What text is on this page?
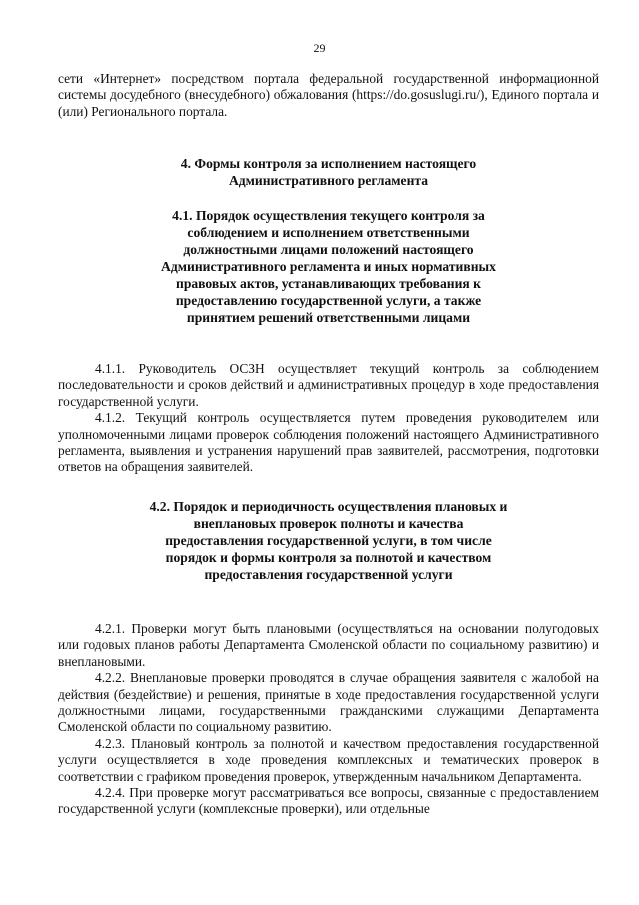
29

сети «Интернет» посредством портала федеральной государственной информационной системы досудебного (внесудебного) обжалования (https://do.gosuslugi.ru/), Единого портала и (или) Регионального портала.

4. Формы контроля за исполнением настоящего Административного регламента
4.1. Порядок осуществления текущего контроля за соблюдением и исполнением ответственными должностными лицами положений настоящего Административного регламента и иных нормативных правовых актов, устанавливающих требования к предоставлению государственной услуги, а также принятием решений ответственными лицами

4.1.1. Руководитель ОСЗН осуществляет текущий контроль за соблюдением последовательности и сроков действий и административных процедур в ходе предоставления государственной услуги.

4.1.2. Текущий контроль осуществляется путем проведения руководителем или уполномоченными лицами проверок соблюдения положений настоящего Административного регламента, выявления и устранения нарушений прав заявителей, рассмотрения, подготовки ответов на обращения заявителей.

4.2. Порядок и периодичность осуществления плановых и внеплановых проверок полноты и качества предоставления государственной услуги, в том числе порядок и формы контроля за полнотой и качеством предоставления государственной услуги

4.2.1. Проверки могут быть плановыми (осуществляться на основании полугодовых или годовых планов работы Департамента Смоленской области по социальному развитию) и внеплановыми.

4.2.2. Внеплановые проверки проводятся в случае обращения заявителя с жалобой на действия (бездействие) и решения, принятые в ходе предоставления государственной услуги должностными лицами, государственными гражданскими служащими Департамента Смоленской области по социальному развитию.

4.2.3. Плановый контроль за полнотой и качеством предоставления государственной услуги осуществляется в ходе проведения комплексных и тематических проверок в соответствии с графиком проведения проверок, утвержденным начальником Департамента.

4.2.4. При проверке могут рассматриваться все вопросы, связанные с предоставлением государственной услуги (комплексные проверки), или отдельные
